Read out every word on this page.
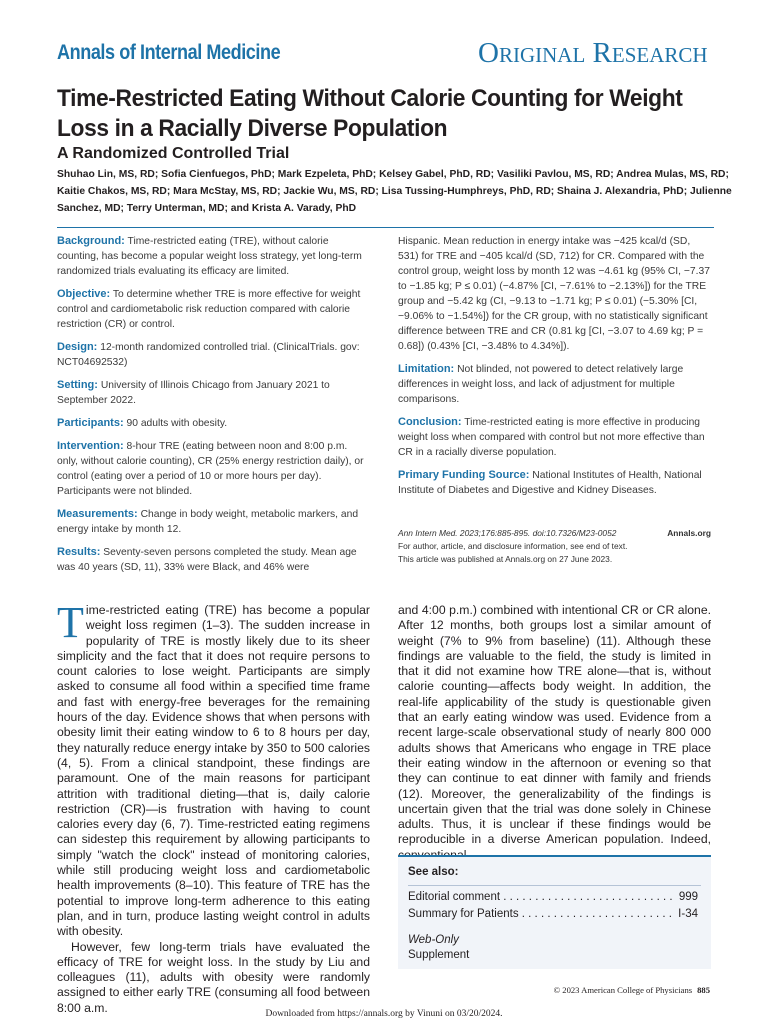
Annals of Internal Medicine	ORIGINAL RESEARCH
Time-Restricted Eating Without Calorie Counting for Weight Loss in a Racially Diverse Population
A Randomized Controlled Trial
Shuhao Lin, MS, RD; Sofia Cienfuegos, PhD; Mark Ezpeleta, PhD; Kelsey Gabel, PhD, RD; Vasiliki Pavlou, MS, RD; Andrea Mulas, MS, RD; Kaitie Chakos, MS, RD; Mara McStay, MS, RD; Jackie Wu, MS, RD; Lisa Tussing-Humphreys, PhD, RD; Shaina J. Alexandria, PhD; Julienne Sanchez, MD; Terry Unterman, MD; and Krista A. Varady, PhD

Background: Time-restricted eating (TRE), without calorie counting, has become a popular weight loss strategy, yet long-term randomized trials evaluating its efficacy are limited.

Objective: To determine whether TRE is more effective for weight control and cardiometabolic risk reduction compared with calorie restriction (CR) or control.

Design: 12-month randomized controlled trial. (ClinicalTrials. gov: NCT04692532)

Setting: University of Illinois Chicago from January 2021 to September 2022.

Participants: 90 adults with obesity.

Intervention: 8-hour TRE (eating between noon and 8:00 p.m. only, without calorie counting), CR (25% energy restriction daily), or control (eating over a period of 10 or more hours per day). Participants were not blinded.

Measurements: Change in body weight, metabolic markers, and energy intake by month 12.

Results: Seventy-seven persons completed the study. Mean age was 40 years (SD, 11), 33% were Black, and 46% were

Hispanic. Mean reduction in energy intake was −425 kcal/d (SD, 531) for TRE and −405 kcal/d (SD, 712) for CR. Compared with the control group, weight loss by month 12 was −4.61 kg (95% CI, −7.37 to −1.85 kg; P ≤ 0.01) (−4.87% [CI, −7.61% to −2.13%]) for the TRE group and −5.42 kg (CI, −9.13 to −1.71 kg; P ≤ 0.01) (−5.30% [CI, −9.06% to −1.54%]) for the CR group, with no statistically significant difference between TRE and CR (0.81 kg [CI, −3.07 to 4.69 kg; P = 0.68]) (0.43% [CI, −3.48% to 4.34%]).

Limitation: Not blinded, not powered to detect relatively large differences in weight loss, and lack of adjustment for multiple comparisons.

Conclusion: Time-restricted eating is more effective in producing weight loss when compared with control but not more effective than CR in a racially diverse population.

Primary Funding Source: National Institutes of Health, National Institute of Diabetes and Digestive and Kidney Diseases.

Ann Intern Med. 2023;176:885-895. doi:10.7326/M23-0052	Annals.org
For author, article, and disclosure information, see end of text.
This article was published at Annals.org on 27 June 2023.

Time-restricted eating (TRE) has become a popular weight loss regimen (1–3). The sudden increase in popularity of TRE is mostly likely due to its sheer simplicity and the fact that it does not require persons to count calories to lose weight. Participants are simply asked to consume all food within a specified time frame and fast with energy-free beverages for the remaining hours of the day. Evidence shows that when persons with obesity limit their eating window to 6 to 8 hours per day, they naturally reduce energy intake by 350 to 500 calories (4, 5). From a clinical standpoint, these findings are paramount. One of the main reasons for participant attrition with traditional dieting—that is, daily calorie restriction (CR)—is frustration with having to count calories every day (6, 7). Time-restricted eating regimens can sidestep this requirement by allowing participants to simply "watch the clock" instead of monitoring calories, while still producing weight loss and cardiometabolic health improvements (8–10). This feature of TRE has the potential to improve long-term adherence to this eating plan, and in turn, produce lasting weight control in adults with obesity.

However, few long-term trials have evaluated the efficacy of TRE for weight loss. In the study by Liu and colleagues (11), adults with obesity were randomly assigned to either early TRE (consuming all food between 8:00 a.m.

and 4:00 p.m.) combined with intentional CR or CR alone. After 12 months, both groups lost a similar amount of weight (7% to 9% from baseline) (11). Although these findings are valuable to the field, the study is limited in that it did not examine how TRE alone—that is, without calorie counting—affects body weight. In addition, the real-life applicability of the study is questionable given that an early eating window was used. Evidence from a recent large-scale observational study of nearly 800 000 adults shows that Americans who engage in TRE place their eating window in the afternoon or evening so that they can continue to eat dinner with family and friends (12). Moreover, the generalizability of the findings is uncertain given that the trial was done solely in Chinese adults. Thus, it is unclear if these findings would be reproducible in a diverse American population. Indeed,

See also:
Editorial comment . . .	999
Summary for Patients . . .	I-34
Web-Only
Supplement
© 2023 American College of Physicians 885
Downloaded from https://annals.org by Vinuni on 03/20/2024.
